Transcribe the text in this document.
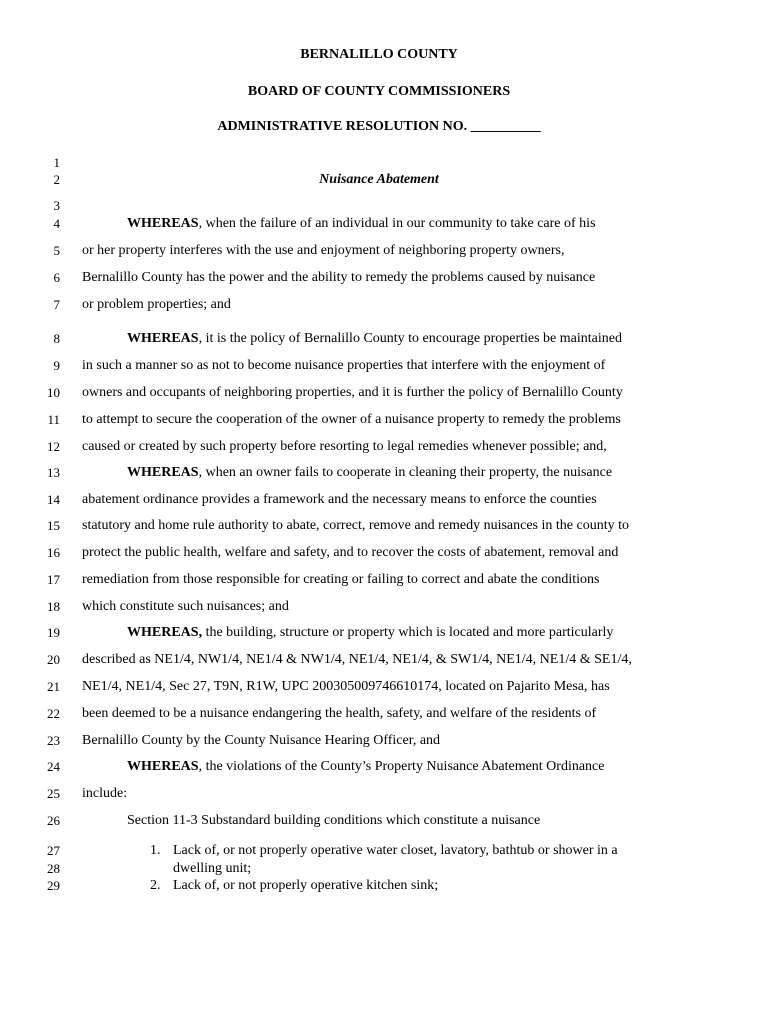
BERNALILLO COUNTY
BOARD OF COUNTY COMMISSIONERS
ADMINISTRATIVE RESOLUTION NO. __________
1
2
3
4
5
6
7
8
9
10
11
12
13
14
15
16
17
18
19
20
21
22
23
24
25
26
27
28
29
Nuisance Abatement
WHEREAS, when the failure of an individual in our community to take care of his
or her property interferes with the use and enjoyment of neighboring property owners,
Bernalillo County has the power and the ability to remedy the problems caused by nuisance
or problem properties; and
WHEREAS, it is the policy of Bernalillo County to encourage properties be maintained
in such a manner so as not to become nuisance properties that interfere with the enjoyment of
owners and occupants of neighboring properties, and it is further the policy of Bernalillo County
to attempt to secure the cooperation of the owner of a nuisance property to remedy the problems
caused or created by such property before resorting to legal remedies whenever possible; and,
WHEREAS, when an owner fails to cooperate in cleaning their property, the nuisance
abatement ordinance provides a framework and the necessary means to enforce the counties
statutory and home rule authority to abate, correct, remove and remedy nuisances in the county to
protect the public health, welfare and safety, and to recover the costs of abatement, removal and
remediation from those responsible for creating or failing to correct and abate the conditions
which constitute such nuisances; and
WHEREAS, the building, structure or property which is located and more particularly
described as NE1/4, NW1/4, NE1/4 & NW1/4, NE1/4, NE1/4, & SW1/4, NE1/4, NE1/4 & SE1/4,
NE1/4, NE1/4, Sec 27, T9N, R1W, UPC 200305009746610174, located on Pajarito Mesa, has
been deemed to be a nuisance endangering the health, safety, and welfare of the residents of
Bernalillo County by the County Nuisance Hearing Officer, and
WHEREAS, the violations of the County’s Property Nuisance Abatement Ordinance
include:
Section 11-3 Substandard building conditions which constitute a nuisance
1. Lack of, or not properly operative water closet, lavatory, bathtub or shower in a
dwelling unit;
2. Lack of, or not properly operative kitchen sink;
